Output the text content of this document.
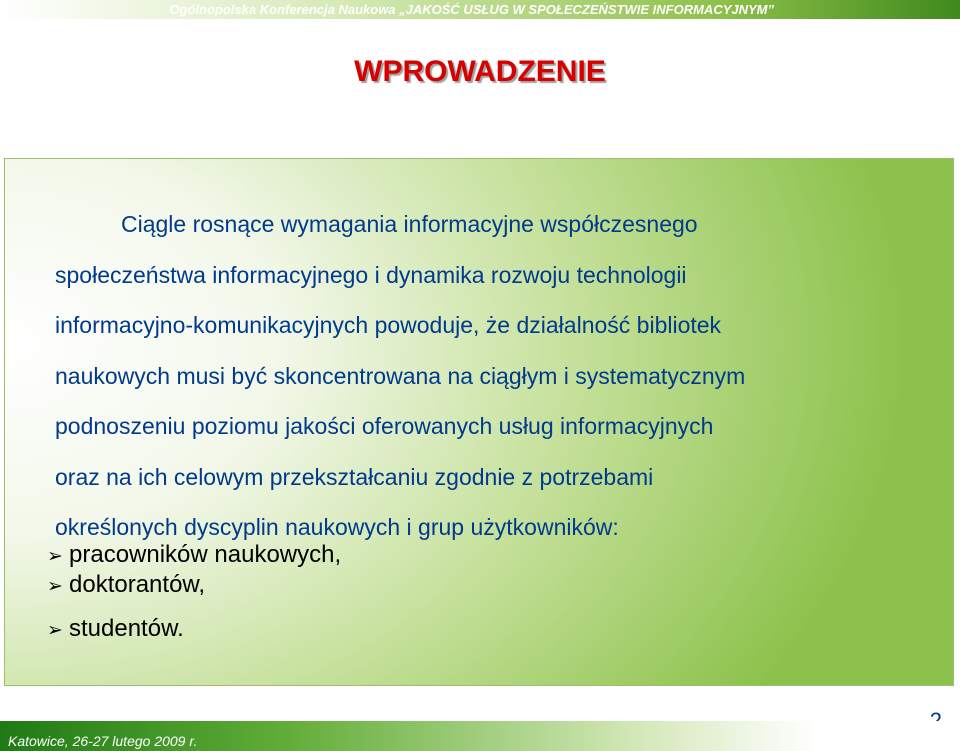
Ogólnopolska Konferencja Naukowa „JAKOŚĆ USŁUG W SPOŁECZEŃSTWIE INFORMACYJNYM”
WPROWADZENIE
Ciągle rosnące wymagania informacyjne współczesnego
społeczeństwa informacyjnego i dynamika rozwoju technologii
informacyjno-komunikacyjnych powoduje, że działalność bibliotek
naukowych musi być skoncentrowana na ciągłym i systematycznym
podnoszeniu poziomu jakości oferowanych usług informacyjnych
oraz na ich celowym przekształcaniu zgodnie z potrzebami
określonych dyscyplin naukowych i grup użytkowników:
➢ pracowników naukowych,
➢ doktorantów,
➢ studentów.
Katowice, 26-27 lutego 2009 r.
